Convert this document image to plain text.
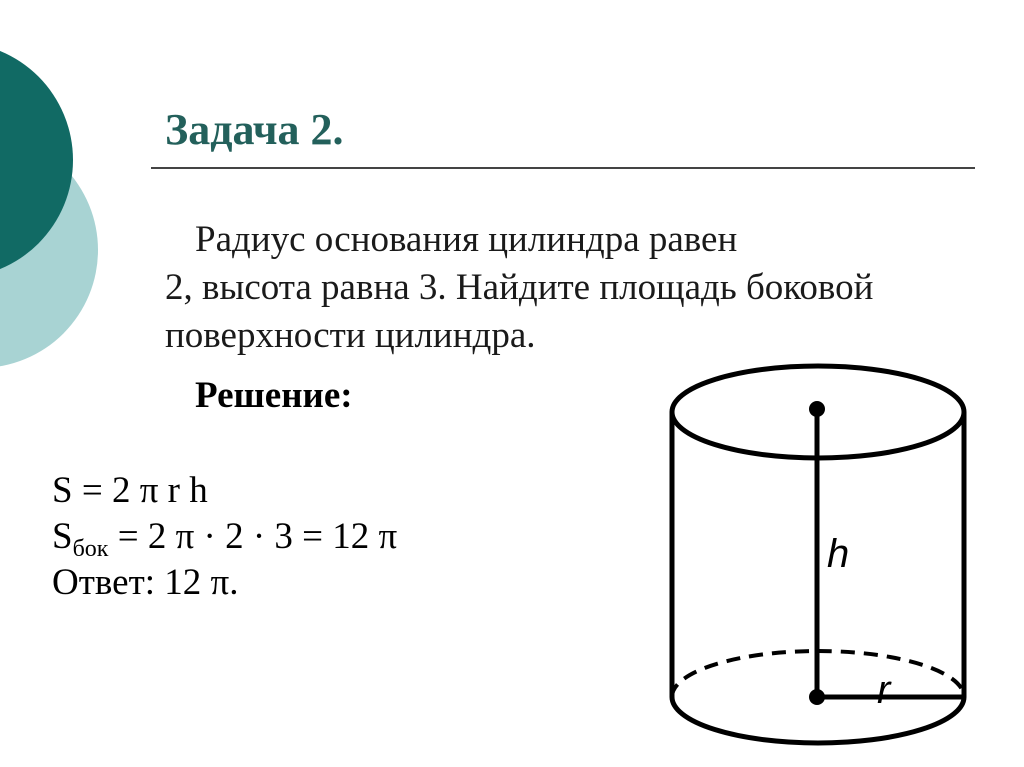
Задача 2.
Радиус основания цилиндра равен
2, высота равна 3. Найдите площадь боковой
поверхности цилиндра.
Решение:
S = 2 π r h
$S_{бок} = 2$ π · 2 · 3 = 12 π
Ответ: 12 π.
h
r
